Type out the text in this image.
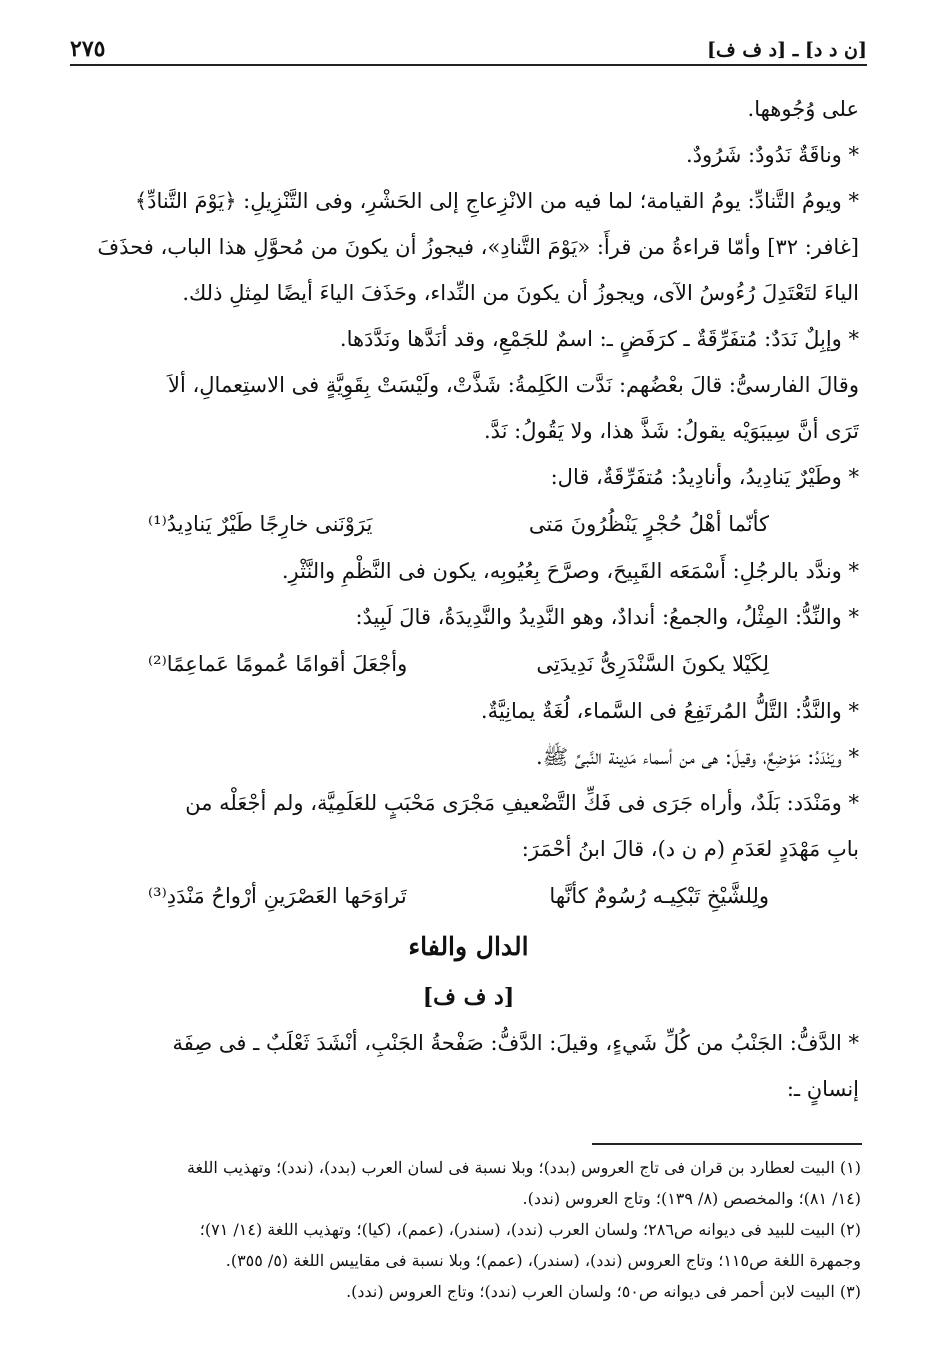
[ن د د] ـ [د ف ف]
٢٧٥
على وُجُوهها.
* وناقَةٌ نَدُودٌ: شَرُودٌ.
* ويومُ التَّنادِّ: يومُ القيامة؛ لما فيه من الانْزِعاجِ إلى الحَشْرِ، وفى التَّنْزِيلِ: ﴿يَوْمَ التَّنادِّ﴾
[غافر: ٣٢] وأمّا قراءةُ من قرأَ: «يَوْمَ التَّنادِ»، فيجوزُ أن يكونَ من مُحوَّلِ هذا الباب، فحذَفَ
الياءَ لتَعْتَدِلَ رُءُوسُ الآى، ويجوزُ أن يكونَ من النِّداء، وحَذَفَ الياءَ أيضًا لمِثلِ ذلك.
* وإبِلٌ نَدَدٌ: مُتفَرِّقَةٌ ـ كرَفَضٍ ـ: اسمٌ للجَمْعِ، وقد أنَدَّها ونَدَّدَها.
وقالَ الفارسىُّ: قالَ بعْضُهم: نَدَّت الكَلِمةُ: شَذَّتْ، ولَيْسَتْ بِقَوِيَّةٍ فى الاستِعمالِ، ألاَ
تَرَى أنَّ سِيبَوَيْه يقولُ: شَذَّ هذا، ولا يَقُولُ: نَدَّ.
* وطَيْرٌ يَنادِيدُ، وأنادِيدُ: مُتفَرِّقَةٌ، قال:
كأنّما أهْلُ حُجْرٍ يَنْظُرُونَ مَتى
يَرَوْنَنى خارِجًا طَيْرٌ يَنادِيدُ⁽¹⁾
* وندَّد بالرجُلِ: أَسْمَعَه القَبِيحَ، وصرَّحَ بِعُيُوبِه، يكون فى النَّظْمِ والنَّثْرِ.
* والنِّدُّ: المِثْلُ، والجمعُ: أندادٌ، وهو النَّدِيدُ والنَّدِيدَةُ، قالَ لَبِيدٌ:
لِكَيْلا يكونَ السَّنْدَرِىُّ نَدِيدَتِى
وأجْعَلَ أقوامًا عُمومًا عَماعِمًا⁽²⁾
* والنَّدُّ: التَّلُّ المُرتَفِعُ فى السَّماء، لُغَةٌ يمانِيَّةٌ.
* ويَنْدَدُ: مَوْضِعٌ، وقيلَ: هى من أسماء مَدِينة النَّبىِّ ﷺ.
* ومَنْدَد: بَلَدٌ، وأراه جَرَى فى فَكِّ التَّضْعيفِ مَجْرَى مَحْبَبٍ للعَلَمِيَّة، ولم أجْعَلْه من
بابِ مَهْدَدٍ لعَدَمِ (م ن د)، قالَ ابنُ أحْمَرَ:
ولِلشَّيْخِ تَبْكِيـه رُسُومٌ كأنَّها
تَراوَحَها العَصْرَينِ أرْواحُ مَنْدَدِ⁽³⁾
الدال والفاء
[د ف ف]
* الدَّفُّ: الجَنْبُ من كُلِّ شَيءٍ، وقيلَ: الدَّفُّ: صَفْحةُ الجَنْبِ، أنْشَدَ ثَعْلَبٌ ـ فى صِفَة
إنسانٍ ـ:
(١) البيت لعطارد بن قران فى تاج العروس (بدد)؛ وبلا نسبة فى لسان العرب (بدد)، (ندد)؛ وتهذيب اللغة
(١٤/ ٨١)؛ والمخصص (٨/ ١٣٩)؛ وتاج العروس (ندد).
(٢) البيت للبيد فى ديوانه ص٢٨٦؛ ولسان العرب (ندد)، (سندر)، (عمم)، (كيا)؛ وتهذيب اللغة (١٤/ ٧١)؛
وجمهرة اللغة ص١١٥؛ وتاج العروس (ندد)، (سندر)، (عمم)؛ وبلا نسبة فى مقاييس اللغة (٥/ ٣٥٥).
(٣) البيت لابن أحمر فى ديوانه ص٥٠؛ ولسان العرب (ندد)؛ وتاج العروس (ندد).
